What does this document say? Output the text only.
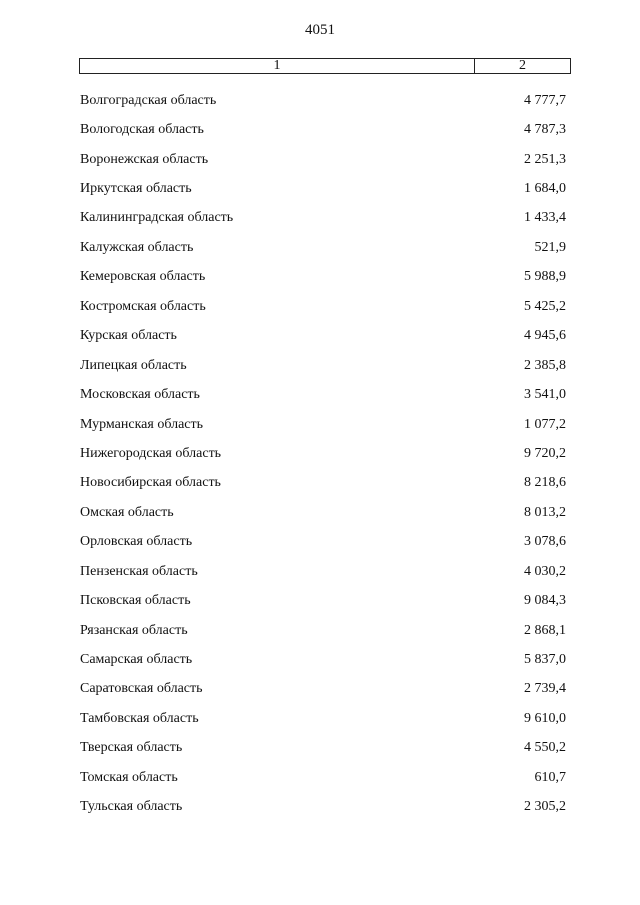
4051
1	2
Волгоградская область	4 777,7
Вологодская область	4 787,3
Воронежская область	2 251,3
Иркутская область	1 684,0
Калининградская область	1 433,4
Калужская область	521,9
Кемеровская область	5 988,9
Костромская область	5 425,2
Курская область	4 945,6
Липецкая область	2 385,8
Московская область	3 541,0
Мурманская область	1 077,2
Нижегородская область	9 720,2
Новосибирская область	8 218,6
Омская область	8 013,2
Орловская область	3 078,6
Пензенская область	4 030,2
Псковская область	9 084,3
Рязанская область	2 868,1
Самарская область	5 837,0
Саратовская область	2 739,4
Тамбовская область	9 610,0
Тверская область	4 550,2
Томская область	610,7
Тульская область	2 305,2
